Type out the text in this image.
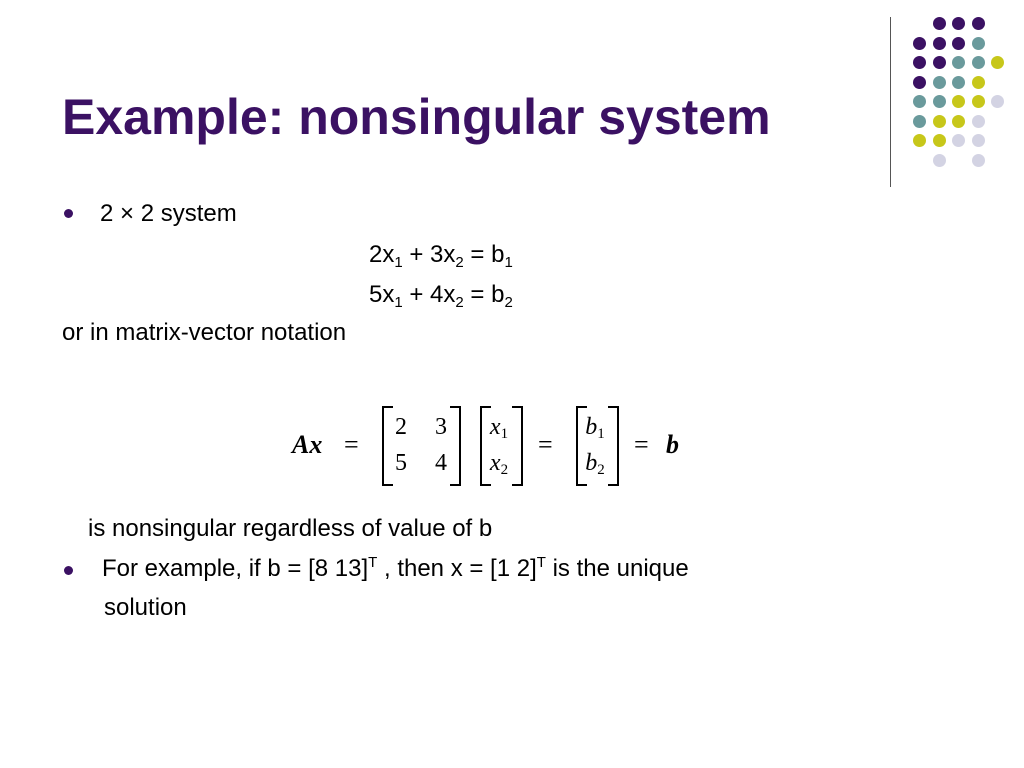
Example: nonsingular system
2 × 2 system
$2x_1 + 3x_2 = b_1$
$5x_1 + 4x_2 = b_2$
or in matrix-vector notation
Ax =
2	3
5	4
$x_1$
$x_2$
=
$b_1$
$b_2$
= b
is nonsingular regardless of value of b
For example, if b = [8 13]$^T$ , then x = [1 2]$^T$ is the unique
solution
